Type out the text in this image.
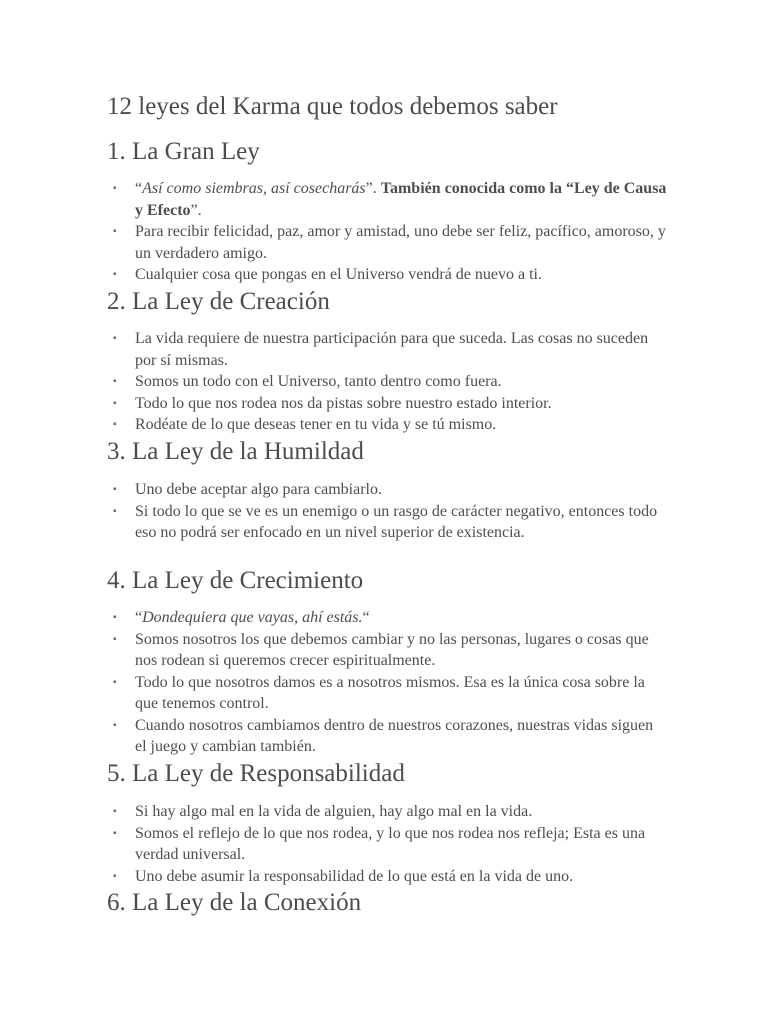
12 leyes del Karma que todos debemos saber
1. La Gran Ley
▪ “Así como siembras, así cosecharás”. También conocida como la “Ley de Causa y Efecto”.
▪ Para recibir felicidad, paz, amor y amistad, uno debe ser feliz, pacífico, amoroso, y un verdadero amigo.
▪ Cualquier cosa que pongas en el Universo vendrá de nuevo a ti.
2. La Ley de Creación
▪ La vida requiere de nuestra participación para que suceda. Las cosas no suceden por sí mismas.
▪ Somos un todo con el Universo, tanto dentro como fuera.
▪ Todo lo que nos rodea nos da pistas sobre nuestro estado interior.
▪ Rodéate de lo que deseas tener en tu vida y se tú mismo.
3. La Ley de la Humildad
▪ Uno debe aceptar algo para cambiarlo.
▪ Si todo lo que se ve es un enemigo o un rasgo de carácter negativo, entonces todo eso no podrá ser enfocado en un nivel superior de existencia.
4. La Ley de Crecimiento
▪ “Dondequiera que vayas, ahí estás.“
▪ Somos nosotros los que debemos cambiar y no las personas, lugares o cosas que nos rodean si queremos crecer espiritualmente.
▪ Todo lo que nosotros damos es a nosotros mismos. Esa es la única cosa sobre la que tenemos control.
▪ Cuando nosotros cambiamos dentro de nuestros corazones, nuestras vidas siguen el juego y cambian también.
5. La Ley de Responsabilidad
▪ Si hay algo mal en la vida de alguien, hay algo mal en la vida.
▪ Somos el reflejo de lo que nos rodea, y lo que nos rodea nos refleja; Esta es una verdad universal.
▪ Uno debe asumir la responsabilidad de lo que está en la vida de uno.
6. La Ley de la Conexión
